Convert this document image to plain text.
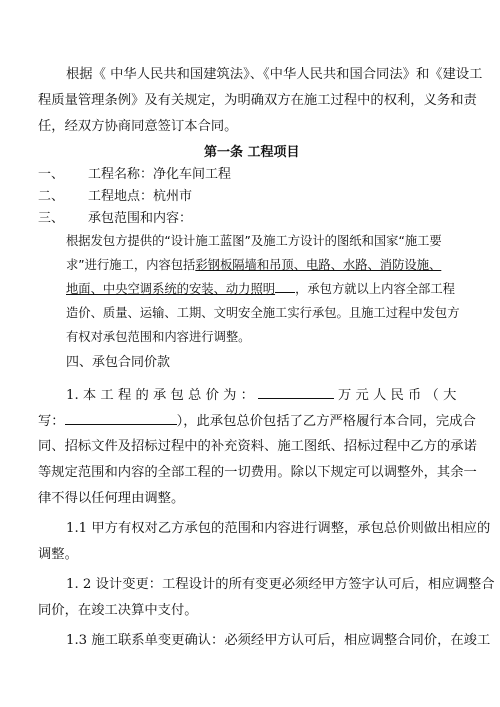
根据《 中华人民共和国建筑法》、《中华人民共和国合同法》和《建设工
程质量管理条例》及有关规定，为明确双方在施工过程中的权利，义务和责
任，经双方协商同意签订本合同。
第一条 工程项目
一、 工程名称：净化车间工程
二、 工程地点：杭州市
三、 承包范围和内容：
根据发包方提供的“设计施工蓝图”及施工方设计的图纸和国家“施工要
求”进行施工，内容包括彩钢板隔墙和吊顶、电路、水路、消防设施、
地面、中央空调系统的安装、动力照明 ，承包方就以上内容全部工程
造价、质量、运输、工期、文明安全施工实行承包。且施工过程中发包方
有权对承包范围和内容进行调整。
四、承包合同价款
1. 本 工 程 的 承 包 总 价 为 ：	万 元 人 民 币 （ 大
写：	），此承包总价包括了乙方严格履行本合同，完成合
同、招标文件及招标过程中的补充资料、施工图纸、招标过程中乙方的承诺
等规定范围和内容的全部工程的一切费用。除以下规定可以调整外，其余一
律不得以任何理由调整。
1.1 甲方有权对乙方承包的范围和内容进行调整，承包总价则做出相应的
调整。
1. 2 设计变更：工程设计的所有变更必须经甲方签字认可后，相应调整合
同价，在竣工决算中支付。
1.3 施工联系单变更确认：必须经甲方认可后，相应调整合同价，在竣工
